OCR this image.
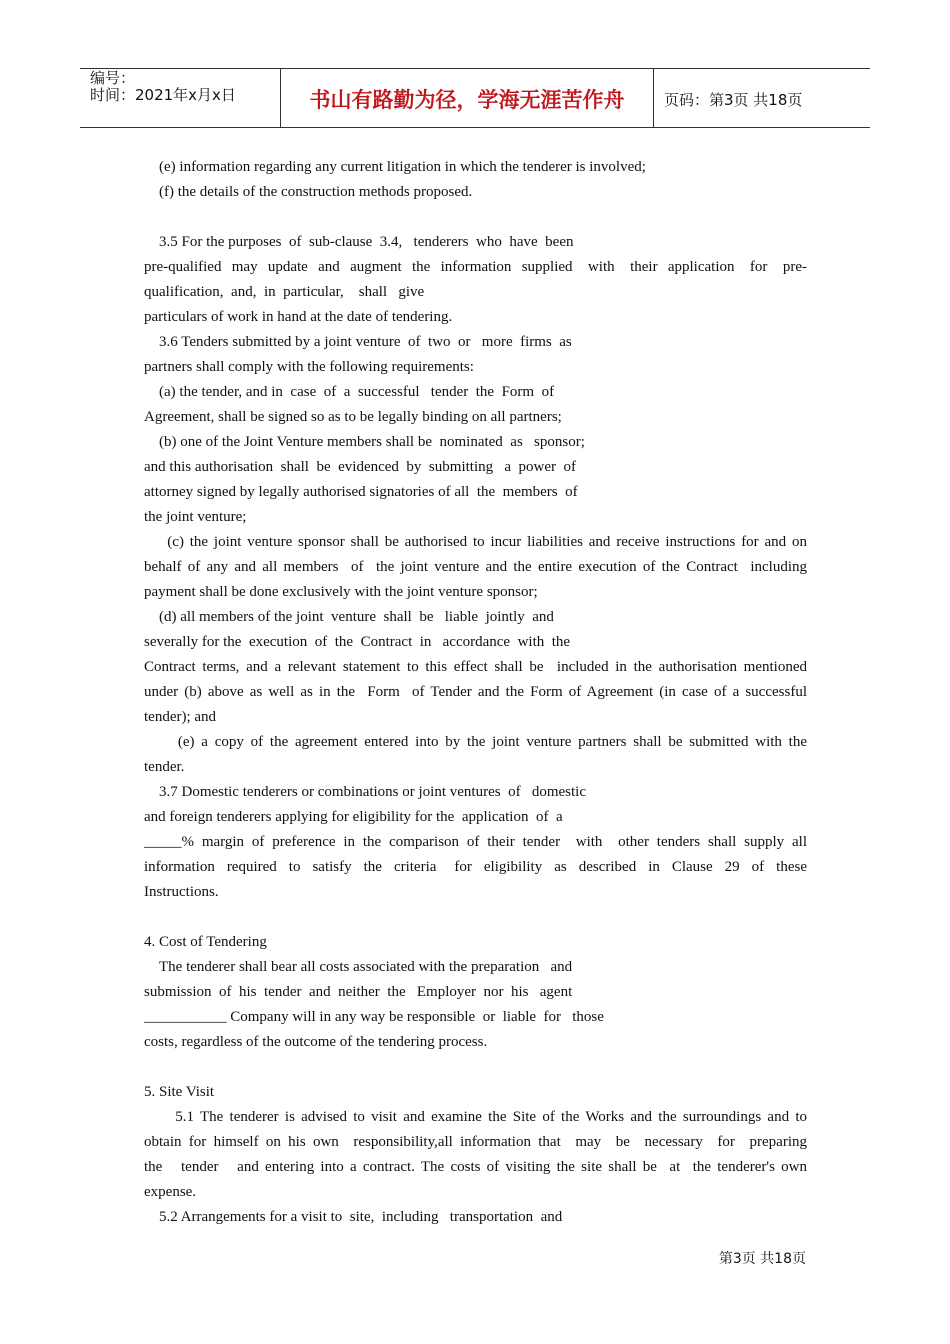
编号：
时间：2021年x月x日	书山有路勤为径，学海无涯苦作舟	页码：第3页 共18页

(e) information regarding any current litigation in which the tenderer is involved;

(f) the details of the construction methods proposed.

3.5 For the purposes  of  sub-clause  3.4,   tenderers  who  have  been

pre-qualified  may  update  and  augment  the  information  supplied   with   their  application   for   pre-

qualification,  and,  in  particular,    shall   give

particulars of work in hand at the date of tendering.

3.6 Tenders submitted by a joint venture  of  two  or   more  firms  as

partners shall comply with the following requirements:

(a) the tender, and in  case  of  a  successful   tender  the  Form  of

Agreement, shall be signed so as to be legally binding on all partners;

(b) one of the Joint Venture members shall be  nominated  as   sponsor;

and this authorisation  shall  be  evidenced  by  submitting   a  power  of

attorney signed by legally authorised signatories of all  the  members  of

the joint venture;

(c) the joint venture sponsor shall be authorised to incur liabilities and receive instructions for and on

behalf of any and all members  of  the joint venture and the entire execution of the Contract  including

payment shall be done exclusively with the joint venture sponsor;

(d) all members of the joint  venture  shall  be   liable  jointly  and

severally for the  execution  of  the  Contract  in   accordance  with  the

Contract terms, and a relevant statement to this effect shall be  included in the authorisation mentioned

under (b) above as well as in the  Form  of Tender and the Form of Agreement (in case of a successful

tender); and

(e) a copy of the agreement entered into by the joint venture partners shall be submitted with the

tender.

3.7 Domestic tenderers or combinations or joint ventures  of   domestic

and foreign tenderers applying for eligibility for the  application  of  a

_____% margin of preference in the comparison of their tender  with  other tenders shall supply all

information  required  to  satisfy  the  criteria   for  eligibility  as  described  in  Clause  29  of  these

Instructions.

4. Cost of Tendering

The tenderer shall bear all costs associated with the preparation   and

submission  of  his  tender  and  neither  the   Employer  nor  his   agent

___________ Company will in any way be responsible  or  liable  for   those

costs, regardless of the outcome of the tendering process.

5. Site Visit

5.1 The tenderer is advised to visit and examine the Site of the Works and the surroundings and to

obtain for himself on his own  responsibility,all information that  may  be  necessary  for  preparing

the   tender   and entering into a contract. The costs of visiting the site shall be  at  the tenderer's own

expense.

5.2 Arrangements for a visit to  site,  including   transportation  and

第3页 共18页
